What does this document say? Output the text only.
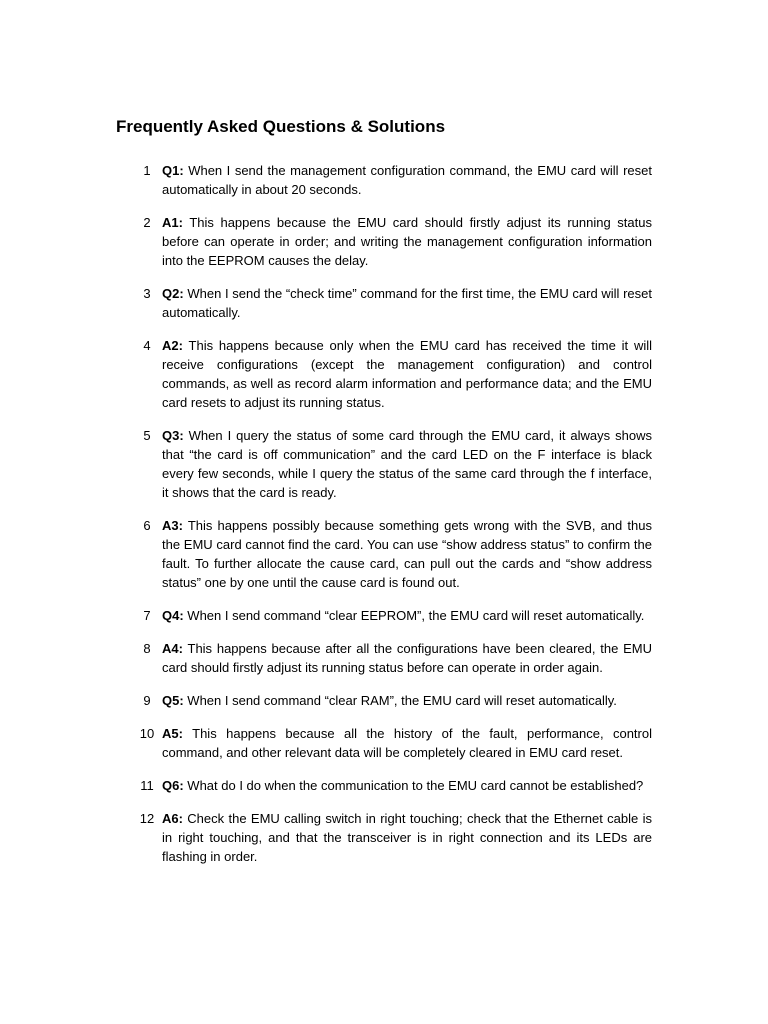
Frequently Asked Questions & Solutions
1 Q1: When I send the management configuration command, the EMU card will reset automatically in about 20 seconds.
2 A1: This happens because the EMU card should firstly adjust its running status before can operate in order; and writing the management configuration information into the EEPROM causes the delay.
3 Q2: When I send the “check time” command for the first time, the EMU card will reset automatically.
4 A2: This happens because only when the EMU card has received the time it will receive configurations (except the management configuration) and control commands, as well as record alarm information and performance data; and the EMU card resets to adjust its running status.
5 Q3: When I query the status of some card through the EMU card, it always shows that “the card is off communication” and the card LED on the F interface is black every few seconds, while I query the status of the same card through the f interface, it shows that the card is ready.
6 A3: This happens possibly because something gets wrong with the SVB, and thus the EMU card cannot find the card. You can use “show address status” to confirm the fault. To further allocate the cause card, can pull out the cards and “show address status” one by one until the cause card is found out.
7 Q4: When I send command “clear EEPROM”, the EMU card will reset automatically.
8 A4: This happens because after all the configurations have been cleared, the EMU card should firstly adjust its running status before can operate in order again.
9 Q5: When I send command “clear RAM”, the EMU card will reset automatically.
10 A5: This happens because all the history of the fault, performance, control command, and other relevant data will be completely cleared in EMU card reset.
11 Q6: What do I do when the communication to the EMU card cannot be established?
12 A6: Check the EMU calling switch in right touching; check that the Ethernet cable is in right touching, and that the transceiver is in right connection and its LEDs are flashing in order.
